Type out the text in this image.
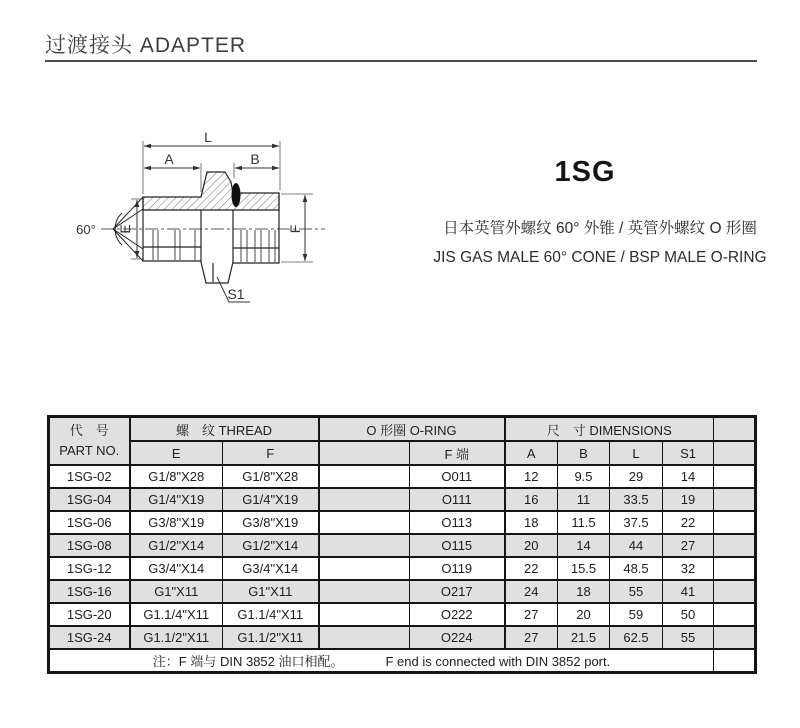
过渡接头 ADAPTER
60°
L
A	B
E	F
S1
1SG
日本英管外螺纹 60° 外锥 / 英管外螺纹 O 形圈
JIS GAS MALE 60° CONE / BSP MALE O-RING
代　号
PART NO.	螺　纹 THREAD		O 形圈 O-RING		尺　寸 DIMENSIONS				
	E	F		F 端	A	B	L	S1	
1SG-02	G1/8"X28	G1/8"X28		O011	12	9.5	29	14	
1SG-04	G1/4"X19	G1/4"X19		O111	16	11	33.5	19	
1SG-06	G3/8"X19	G3/8"X19		O113	18	11.5	37.5	22	
1SG-08	G1/2"X14	G1/2"X14		O115	20	14	44	27	
1SG-12	G3/4"X14	G3/4"X14		O119	22	15.5	48.5	32	
1SG-16	G1"X11	G1"X11		O217	24	18	55	41	
1SG-20	G1.1/4"X11	G1.1/4"X11		O222	27	20	59	50	
1SG-24	G1.1/2"X11	G1.1/2"X11		O224	27	21.5	62.5	55	
注：F 端与 DIN 3852 油口相配。 F end is connected with DIN 3852 port.									
